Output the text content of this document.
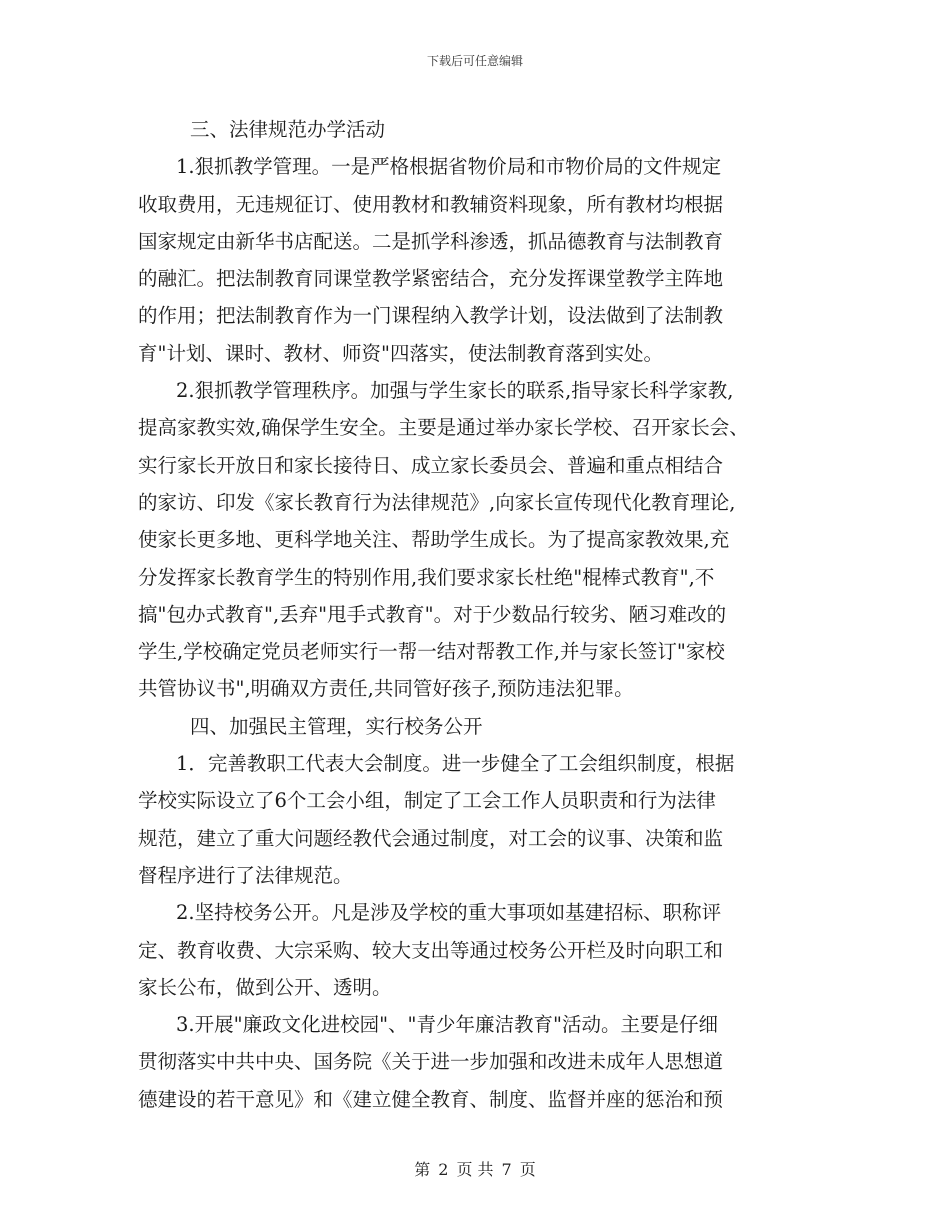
下载后可任意编辑
三、法律规范办学活动
1.狠抓教学管理。一是严格根据省物价局和市物价局的文件规定
收取费用，无违规征订、使用教材和教辅资料现象，所有教材均根据
国家规定由新华书店配送。二是抓学科渗透，抓品德教育与法制教育
的融汇。把法制教育同课堂教学紧密结合，充分发挥课堂教学主阵地
的作用；把法制教育作为一门课程纳入教学计划，设法做到了法制教
育"计划、课时、教材、师资"四落实，使法制教育落到实处。
2.狠抓教学管理秩序。加强与学生家长的联系,指导家长科学家教,
提高家教实效,确保学生安全。主要是通过举办家长学校、召开家长会、
实行家长开放日和家长接待日、成立家长委员会、普遍和重点相结合
的家访、印发《家长教育行为法律规范》,向家长宣传现代化教育理论,
使家长更多地、更科学地关注、帮助学生成长。为了提高家教效果,充
分发挥家长教育学生的特别作用,我们要求家长杜绝"棍棒式教育",不
搞"包办式教育",丢弃"甩手式教育"。对于少数品行较劣、陋习难改的
学生,学校确定党员老师实行一帮一结对帮教工作,并与家长签订"家校
共管协议书",明确双方责任,共同管好孩子,预防违法犯罪。
四、加强民主管理，实行校务公开
1．完善教职工代表大会制度。进一步健全了工会组织制度，根据
学校实际设立了6个工会小组，制定了工会工作人员职责和行为法律
规范，建立了重大问题经教代会通过制度，对工会的议事、决策和监
督程序进行了法律规范。
2.坚持校务公开。凡是涉及学校的重大事项如基建招标、职称评
定、教育收费、大宗采购、较大支出等通过校务公开栏及时向职工和
家长公布，做到公开、透明。
3.开展"廉政文化进校园"、"青少年廉洁教育"活动。主要是仔细
贯彻落实中共中央、国务院《关于进一步加强和改进未成年人思想道
德建设的若干意见》和《建立健全教育、制度、监督并座的惩治和预
第 2 页 共 7 页
